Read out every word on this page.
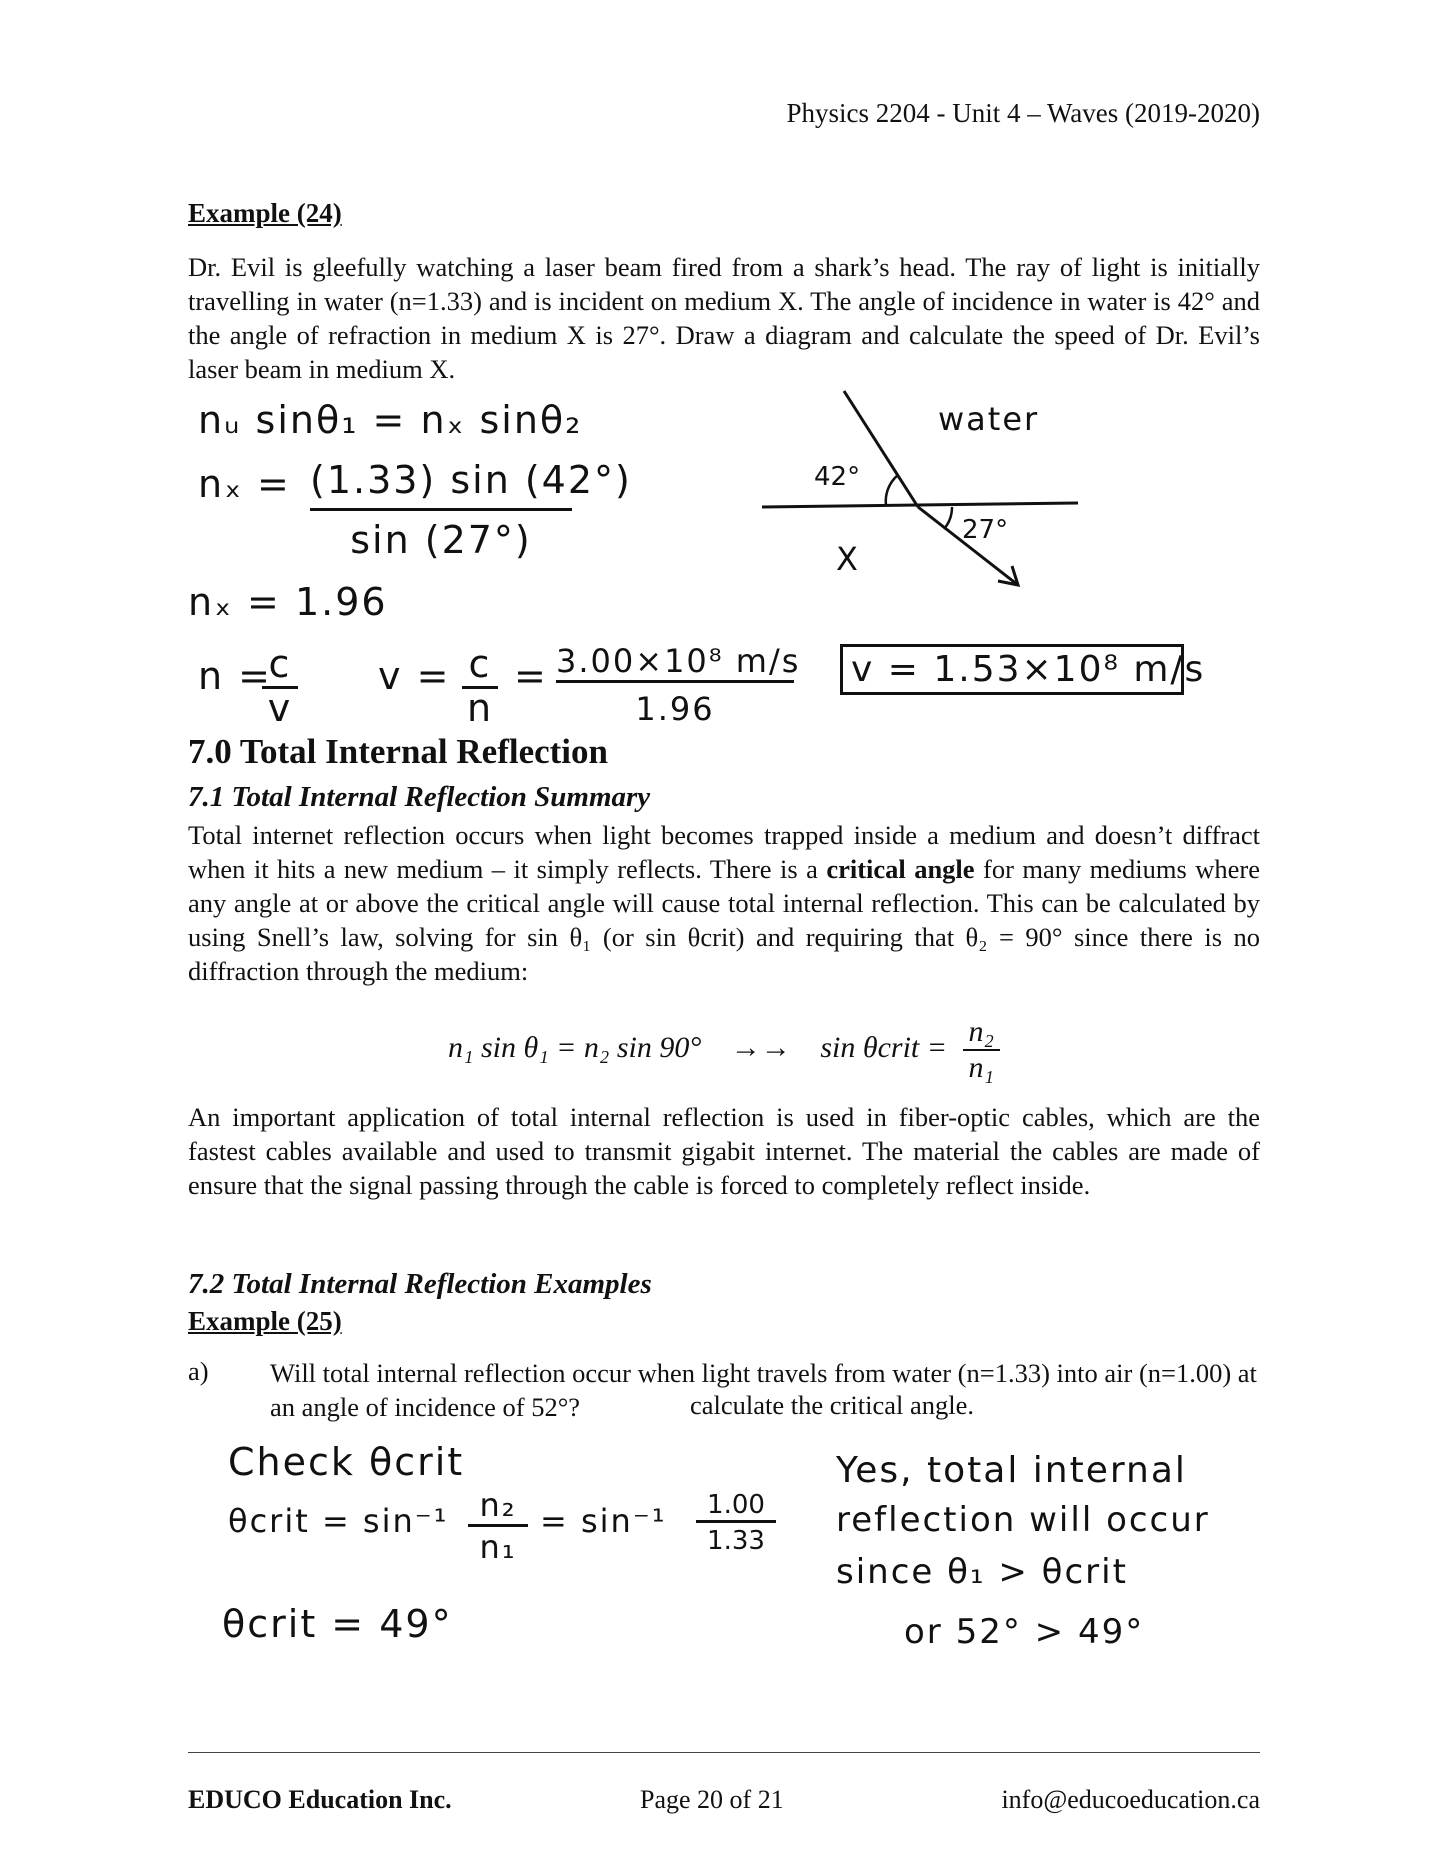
Physics 2204 - Unit 4 – Waves (2019-2020)
Example (24)
Dr. Evil is gleefully watching a laser beam fired from a shark’s head. The ray of light is initially travelling in water (n=1.33) and is incident on medium X. The angle of incidence in water is 42° and the angle of refraction in medium X is 27°. Draw a diagram and calculate the speed of Dr. Evil’s laser beam in medium X.
nᵤ sinθ₁ = nₓ sinθ₂
nₓ = (1.33) sin (42°)
sin (27°)
nₓ = 1.96
n =
c
v
v = c
n
= 3.00×10⁸ m/s
1.96
v = 1.53×10⁸ m/s
water
X
42°
27°
7.0 Total Internal Reflection
7.1 Total Internal Reflection Summary
Total internet reflection occurs when light becomes trapped inside a medium and doesn’t diffract when it hits a new medium – it simply reflects. There is a critical angle for many mediums where any angle at or above the critical angle will cause total internal reflection. This can be calculated by using Snell’s law, solving for sin θ₁ (or sin θcrit) and requiring that θ₂ = 90° since there is no diffraction through the medium:
n₁ sin θ₁ = n₂ sin 90° →→ sin θcrit = $\frac{\text{n₂}}{\text{n₁}}$
An important application of total internal reflection is used in fiber-optic cables, which are the fastest cables available and used to transmit gigabit internet. The material the cables are made of ensure that the signal passing through the cable is forced to completely reflect inside.
7.2 Total Internal Reflection Examples
Example (25)
a) Will total internal reflection occur when light travels from water (n=1.33) into air (n=1.00) at an angle of incidence of 52°?	calculate the critical angle.
Check θcrit
θcrit = sin⁻¹ n₂
n₁
= sin⁻¹	1.00
1.33
θcrit = 49°
Yes, total internal
reflection will occur
since θ₁ > θcrit
or 52° > 49°
EDUCO Education Inc.	Page 20 of 21	info@educoeducation.ca
